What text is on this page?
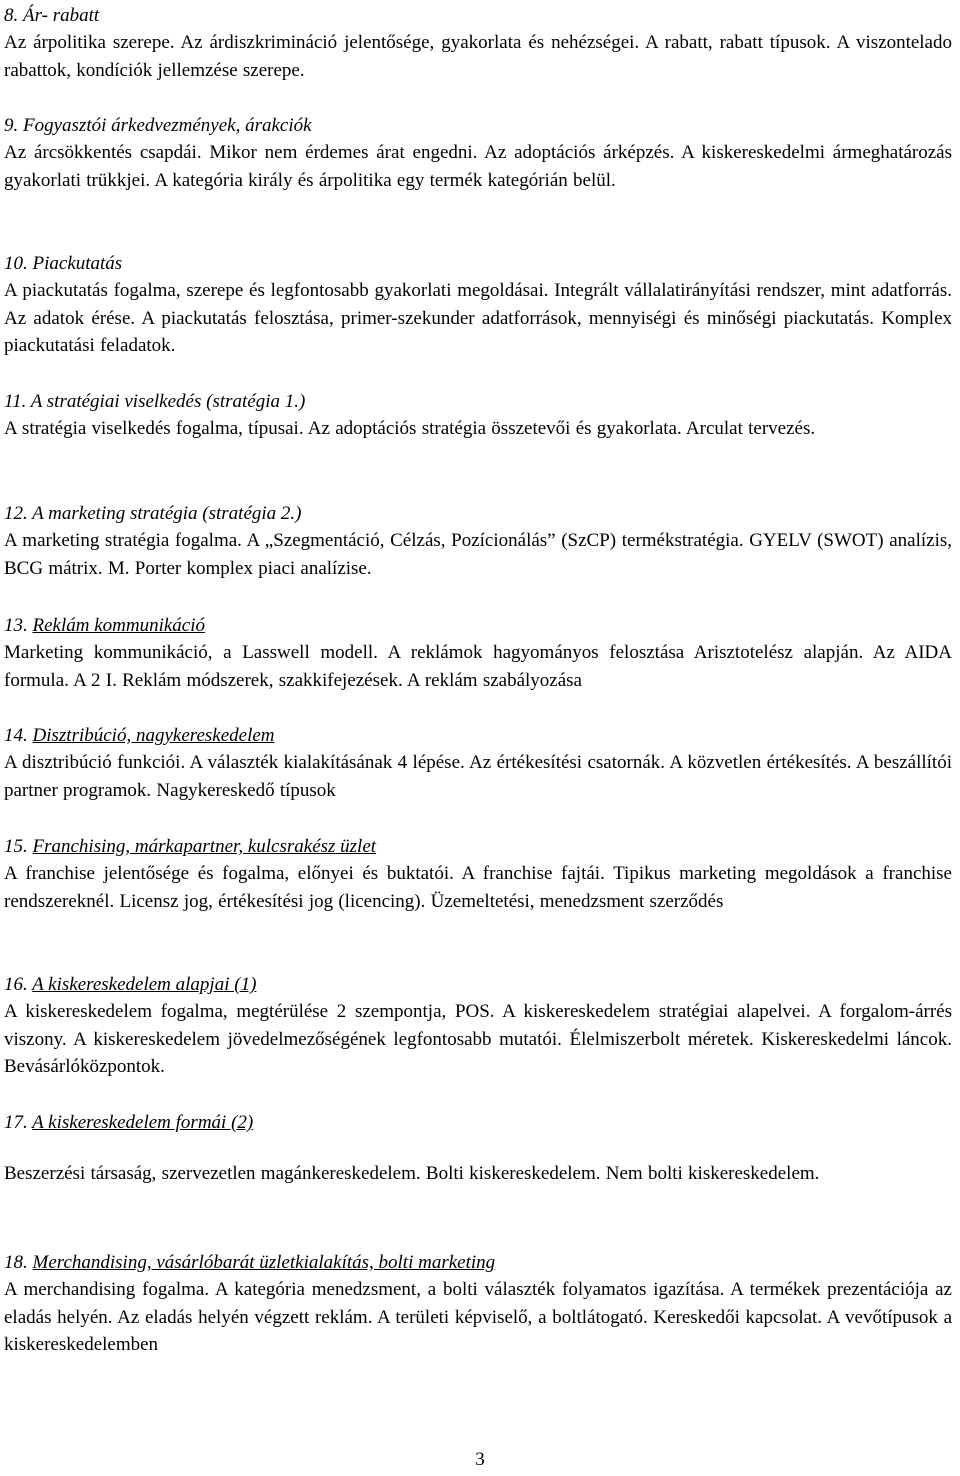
8. Ár- rabatt
Az árpolitika szerepe. Az árdiszkrimináció jelentősége, gyakorlata és nehézségei. A rabatt, rabatt típusok. A viszontelado rabattok, kondíciók jellemzése szerepe.
9. Fogyasztói árkedvezmények, árakciók
Az árcsökkentés csapdái. Mikor nem érdemes árat engedni. Az adoptációs árképzés. A kiskereskedelmi ármeghatározás gyakorlati trükkjei. A kategória király és árpolitika egy termék kategórián belül.
10. Piackutatás
A piackutatás fogalma, szerepe és legfontosabb gyakorlati megoldásai. Integrált vállalatirányítási rendszer, mint adatforrás. Az adatok érése. A piackutatás felosztása, primer-szekunder adatforrások, mennyiségi és minőségi piackutatás. Komplex piackutatási feladatok.
11. A stratégiai viselkedés (stratégia 1.)
A stratégia viselkedés fogalma, típusai. Az adoptációs stratégia összetevői és gyakorlata. Arculat tervezés.
12. A marketing stratégia (stratégia 2.)
A marketing stratégia fogalma. A „Szegmentáció, Célzás, Pozícionálás” (SzCP) termékstratégia. GYELV (SWOT) analízis, BCG mátrix. M. Porter komplex piaci analízise.
13. Reklám kommunikáció
Marketing kommunikáció, a Lasswell modell. A reklámok hagyományos felosztása Arisztotelész alapján. Az AIDA formula. A 2 I. Reklám módszerek, szakkifejezések. A reklám szabályozása
14. Disztribúció, nagykereskedelem
A disztribúció funkciói. A választék kialakításának 4 lépése. Az értékesítési csatornák. A közvetlen értékesítés. A beszállítói partner programok. Nagykereskedő típusok
15. Franchising, márkapartner, kulcsrakész üzlet
A franchise jelentősége és fogalma, előnyei és buktatói. A franchise fajtái. Tipikus marketing megoldások a franchise rendszereknél. Licensz jog, értékesítési jog (licencing). Üzemeltetési, menedzsment szerződés
16. A kiskereskedelem alapjai (1)
A kiskereskedelem fogalma, megtérülése 2 szempontja, POS. A kiskereskedelem stratégiai alapelvei. A forgalom-árrés viszony. A kiskereskedelem jövedelmezőségének legfontosabb mutatói. Élelmiszerbolt méretek. Kiskereskedelmi láncok. Bevásárlóközpontok.
17. A kiskereskedelem formái (2)
Beszerzési társaság, szervezetlen magánkereskedelem. Bolti kiskereskedelem. Nem bolti kiskereskedelem.
18. Merchandising, vásárlóbarát üzletkialakítás, bolti marketing
A merchandising fogalma. A kategória menedzsment, a bolti választék folyamatos igazítása. A termékek prezentációja az eladás helyén. Az eladás helyén végzett reklám. A területi képviselő, a boltlátogató. Kereskedői kapcsolat. A vevőtípusok a kiskereskedelemben
3
